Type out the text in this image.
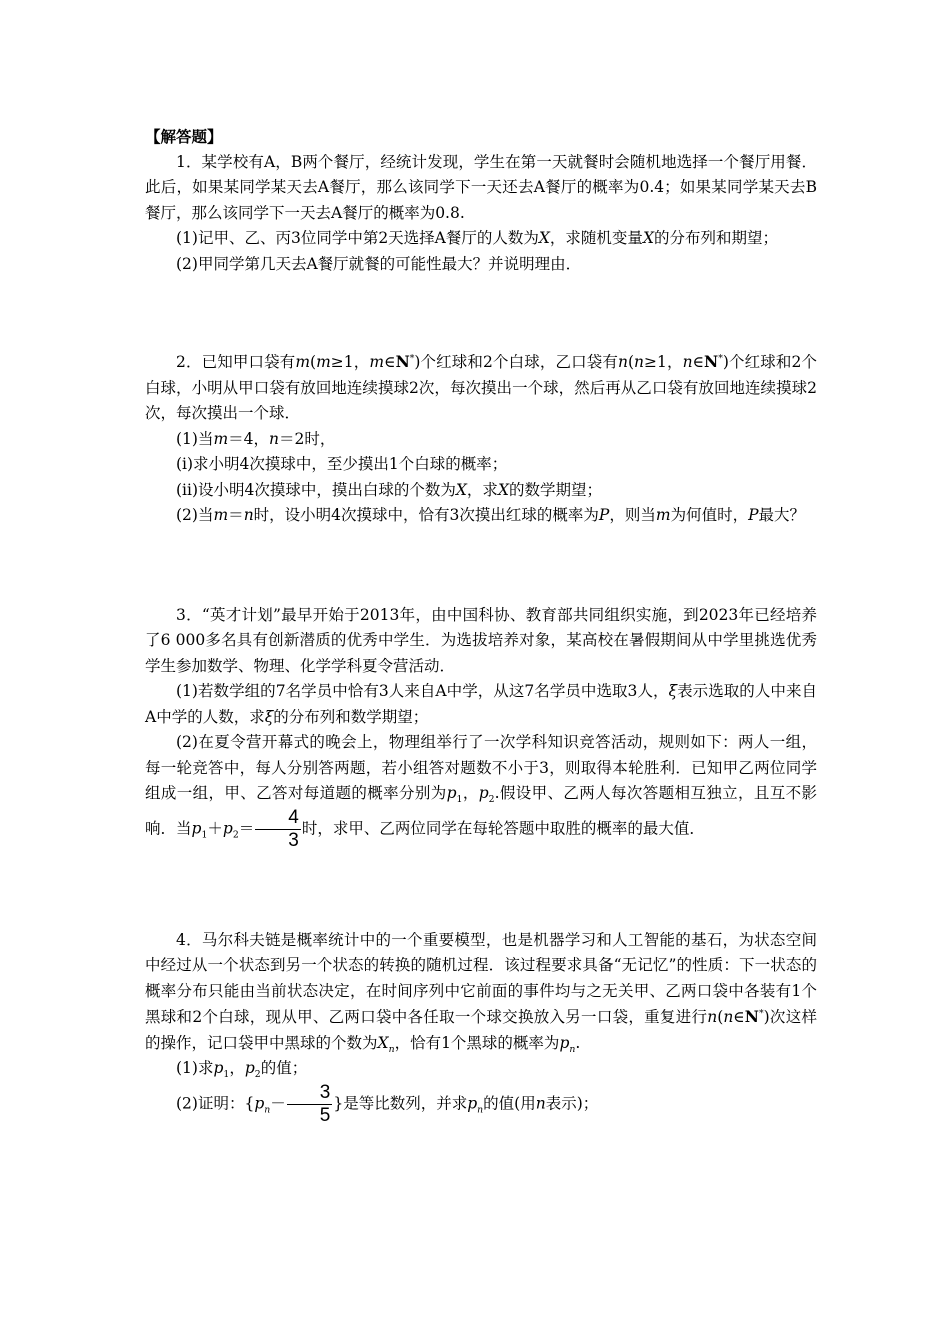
【解答题】

1．某学校有A，B两个餐厅，经统计发现，学生在第一天就餐时会随机地选择一个餐厅用餐．此后，如果某同学某天去A餐厅，那么该同学下一天还去A餐厅的概率为0.4；如果某同学某天去B餐厅，那么该同学下一天去A餐厅的概率为0.8.

(1)记甲、乙、丙3位同学中第2天选择A餐厅的人数为X，求随机变量X的分布列和期望；

(2)甲同学第几天去A餐厅就餐的可能性最大？并说明理由．

2．已知甲口袋有m(m≥1，m∈N*)个红球和2个白球，乙口袋有n(n≥1，n∈N*)个红球和2个白球，小明从甲口袋有放回地连续摸球2次，每次摸出一个球，然后再从乙口袋有放回地连续摸球2次，每次摸出一个球．

(1)当m＝4，n＝2时，

(ⅰ)求小明4次摸球中，至少摸出1个白球的概率；

(ⅱ)设小明4次摸球中，摸出白球的个数为X，求X的数学期望；

(2)当m＝n时，设小明4次摸球中，恰有3次摸出红球的概率为P，则当m为何值时，P最大？

3．“英才计划”最早开始于2013年，由中国科协、教育部共同组织实施，到2023年已经培养了6 000多名具有创新潜质的优秀中学生．为选拔培养对象，某高校在暑假期间从中学里挑选优秀学生参加数学、物理、化学学科夏令营活动．

(1)若数学组的7名学员中恰有3人来自A中学，从这7名学员中选取3人，ξ表示选取的人中来自A中学的人数，求ξ的分布列和数学期望；

(2)在夏令营开幕式的晚会上，物理组举行了一次学科知识竞答活动，规则如下：两人一组，每一轮竞答中，每人分别答两题，若小组答对题数不小于3，则取得本轮胜利．已知甲乙两位同学组成一组，甲、乙答对每道题的概率分别为$p_1$，$p_2$.假设甲、乙两人每次答题相互独立，且互不影响．当$p_1+p_2= \frac{4}{3}$ 时，求甲、乙两位同学在每轮答题中取胜的概率的最大值．

4．马尔科夫链是概率统计中的一个重要模型，也是机器学习和人工智能的基石，为状态空间中经过从一个状态到另一个状态的转换的随机过程．该过程要求具备“无记忆”的性质：下一状态的概率分布只能由当前状态决定，在时间序列中它前面的事件均与之无关甲、乙两口袋中各装有1个黑球和2个白球，现从甲、乙两口袋中各任取一个球交换放入另一口袋，重复进行n(n∈N*)次这样的操作，记口袋甲中黑球的个数为$X_n$，恰有1个黑球的概率为$p_n$.

(1)求$p_1$，$p_2$的值；

(2)证明：{$p_n- \frac{3}{5}$ }是等比数列，并求$p_n$的值(用n表示)；
